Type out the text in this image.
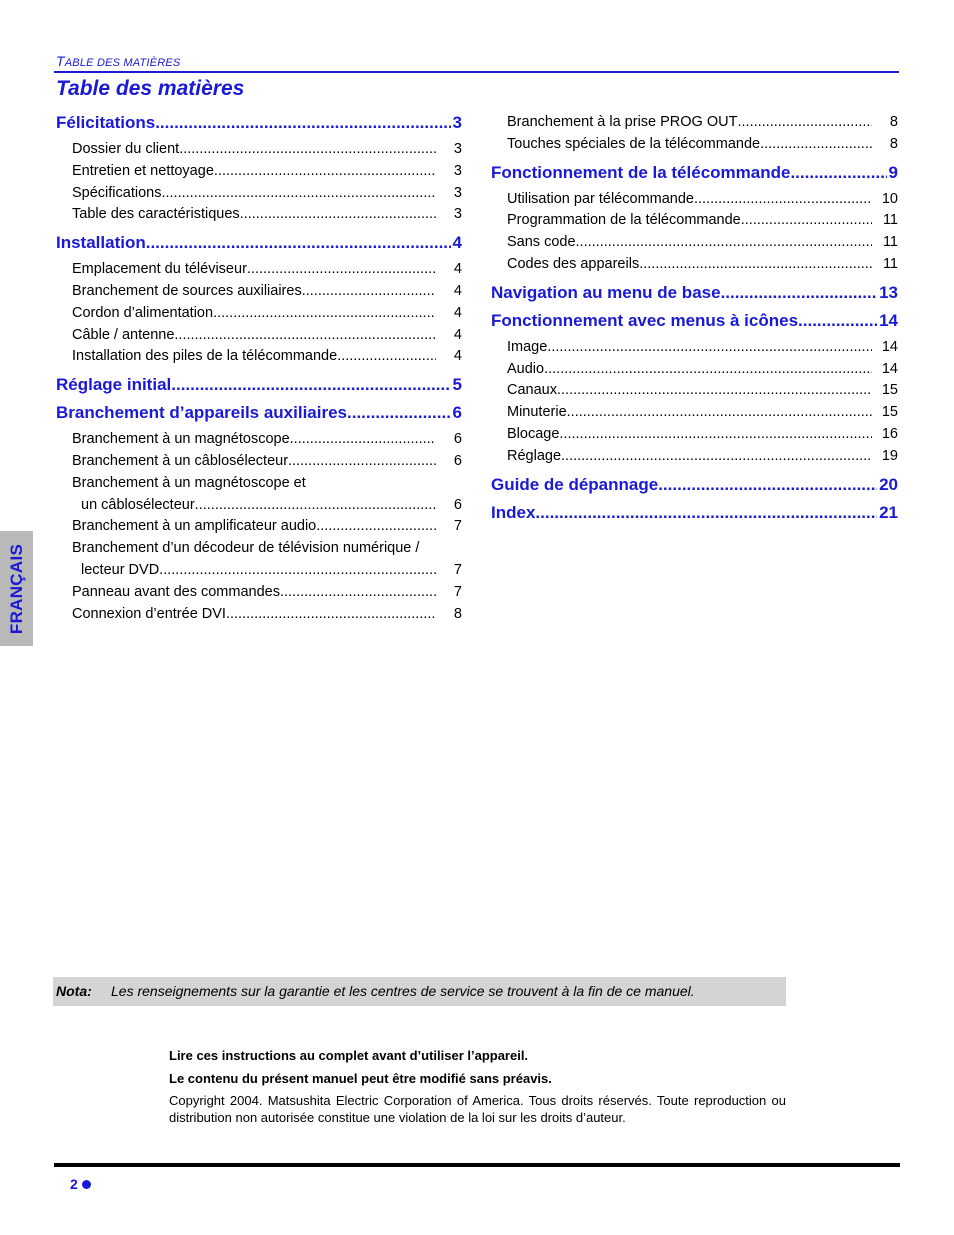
TABLE DES MATIÈRES
Table des matières
Félicitations .....	3
Dossier du client .....	3
Entretien et nettoyage .....	3
Spécifications .....	3
Table des caractéristiques .....	3
Installation .....	4
Emplacement du téléviseur .....	4
Branchement de sources auxiliaires .....	4
Cordon d’alimentation .....	4
Câble / antenne .....	4
Installation des piles de la télécommande .....	4
Réglage initial .....	5
Branchement d’appareils auxiliaires .....	6
Branchement à un magnétoscope .....	6
Branchement à un câblosélecteur .....	6
Branchement à un magnétoscope et
un câblosélecteur .....	6
Branchement à un amplificateur audio .....	7
Branchement d’un décodeur de télévision numérique /
lecteur DVD .....	7
Panneau avant des commandes .....	7
Connexion d’entrée DVI .....	8
Branchement à la prise PROG OUT .....	8
Touches spéciales de la télécommande .....	8
Fonctionnement de la télécommande .....	9
Utilisation par télécommande .....	10
Programmation de la télécommande .....	11
Sans code .....	11
Codes des appareils .....	11
Navigation au menu de base .....	13
Fonctionnement avec menus à icônes .....	14
Image .....	14
Audio .....	14
Canaux .....	15
Minuterie .....	15
Blocage .....	16
Réglage .....	19
Guide de dépannage .....	20
Index .....	21
FRANÇAIS
Nota: Les renseignements sur la garantie et les centres de service se trouvent à la fin de ce manuel.
Lire ces instructions au complet avant d’utiliser l’appareil.
Le contenu du présent manuel peut être modifié sans préavis.
Copyright 2004. Matsushita Electric Corporation of America. Tous droits réservés. Toute reproduction ou distribution non autorisée constitue une violation de la loi sur les droits d’auteur.
2
